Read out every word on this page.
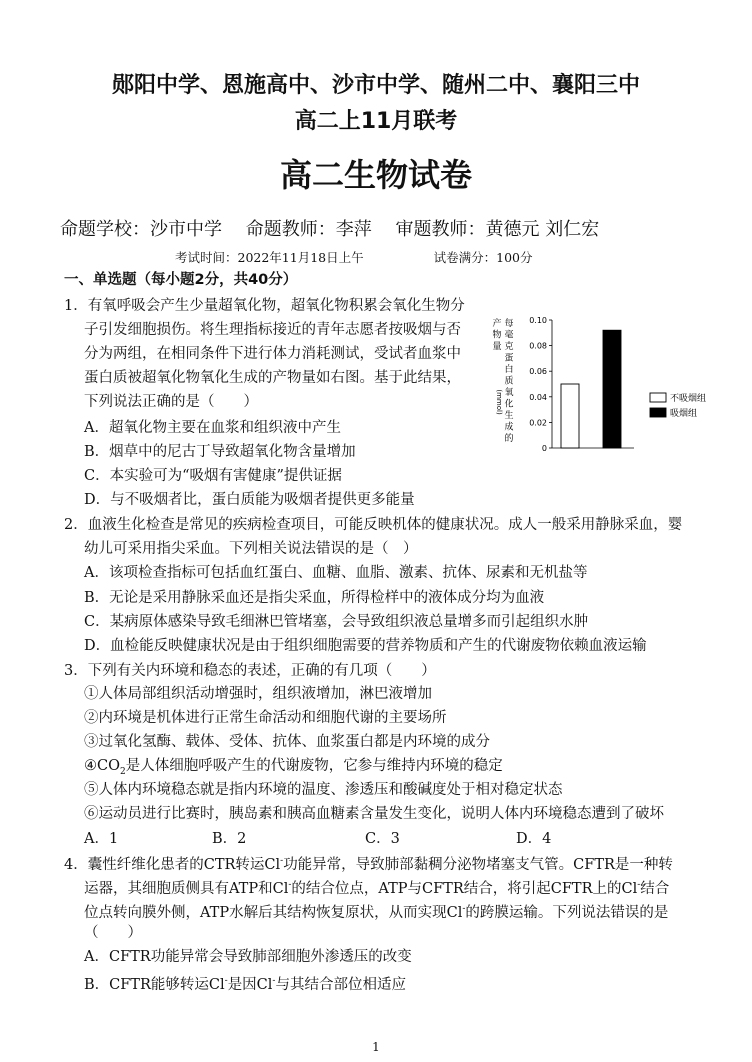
郧阳中学、恩施高中、沙市中学、随州二中、襄阳三中
高二上11月联考
高二生物试卷
命题学校：沙市中学 命题教师：李萍 审题教师：黄德元 刘仁宏
考试时间：2022年11月18日上午	试卷满分：100分
一、单选题（每小题2分，共40分）
1．有氧呼吸会产生少量超氧化物，超氧化物积累会氧化生物分
子引发细胞损伤。将生理指标接近的青年志愿者按吸烟与否
分为两组，在相同条件下进行体力消耗测试，受试者血浆中
蛋白质被超氧化物氧化生成的产物量如右图。基于此结果，
下列说法正确的是（　　）
A．超氧化物主要在血浆和组织液中产生
B．烟草中的尼古丁导致超氧化物含量增加
C．本实验可为“吸烟有害健康”提供证据
D．与不吸烟者比，蛋白质能为吸烟者提供更多能量
每
毫
克
蛋
白
质
氧
化
生
成
的
产
物
量
(mmol)
0
0.02
0.04
0.06
0.08
0.10
不吸烟组
吸烟组
2．血液生化检查是常见的疾病检查项目，可能反映机体的健康状况。成人一般采用静脉采血，婴
幼儿可采用指尖采血。下列相关说法错误的是（　）
A．该项检查指标可包括血红蛋白、血糖、血脂、激素、抗体、尿素和无机盐等
B．无论是采用静脉采血还是指尖采血，所得检样中的液体成分均为血液
C．某病原体感染导致毛细淋巴管堵塞，会导致组织液总量增多而引起组织水肿
D．血检能反映健康状况是由于组织细胞需要的营养物质和产生的代谢废物依赖血液运输
3．下列有关内环境和稳态的表述，正确的有几项（　　）
①人体局部组织活动增强时，组织液增加，淋巴液增加
②内环境是机体进行正常生命活动和细胞代谢的主要场所
③过氧化氢酶、载体、受体、抗体、血浆蛋白都是内环境的成分
$④CO_2$是人体细胞呼吸产生的代谢废物，它参与维持内环境的稳定
⑤人体内环境稳态就是指内环境的温度、渗透压和酸碱度处于相对稳定状态
⑥运动员进行比赛时，胰岛素和胰高血糖素含量发生变化，说明人体内环境稳态遭到了破坏
A．1	B．2	C．3	D．4
4．囊性纤维化患者的CTR转运Cl-功能异常，导致肺部黏稠分泌物堵塞支气管。CFTR是一种转
运器，其细胞质侧具有ATP和Cl-的结合位点，ATP与CFTR结合，将引起CFTR上的Cl-结合
位点转向膜外侧，ATP水解后其结构恢复原状，从而实现Cl-的跨膜运输。下列说法错误的是
（　　）
A．CFTR功能异常会导致肺部细胞外渗透压的改变
B．CFTR能够转运Cl-是因Cl-与其结合部位相适应
1
